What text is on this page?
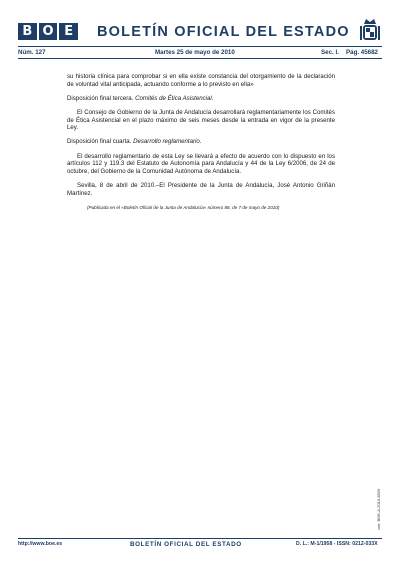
B O E	BOLETÍN OFICIAL DEL ESTADO
Núm. 127	Martes 25 de mayo de 2010	Sec. I. Pág. 45682

su historia clínica para comprobar si en ella existe constancia del otorgamiento de la declaración de voluntad vital anticipada, actuando conforme a lo previsto en ella»

Disposición final tercera. Comités de Ética Asistencial.

El Consejo de Gobierno de la Junta de Andalucía desarrollará reglamentariamente los Comités de Ética Asistencial en el plazo máximo de seis meses desde la entrada en vigor de la presente Ley.

Disposición final cuarta. Desarrollo reglamentario.

El desarrollo reglamentario de esta Ley se llevará a efecto de acuerdo con lo dispuesto en los artículos 112 y 119.3 del Estatuto de Autonomía para Andalucía y 44 de la Ley 6/2006, de 24 de octubre, del Gobierno de la Comunidad Autónoma de Andalucía.

Sevilla, 8 de abril de 2010.–El Presidente de la Junta de Andalucía, José Antonio Griñán Martínez.

(Publicada en el «Boletín Oficial de la Junta de Andalucía» número 88, de 7 de mayo de 2010)

cve: BOE-A-2010-8326
http://www.boe.es	BOLETÍN OFICIAL DEL ESTADO	D. L.: M-1/1958 - ISSN: 0212-033X
